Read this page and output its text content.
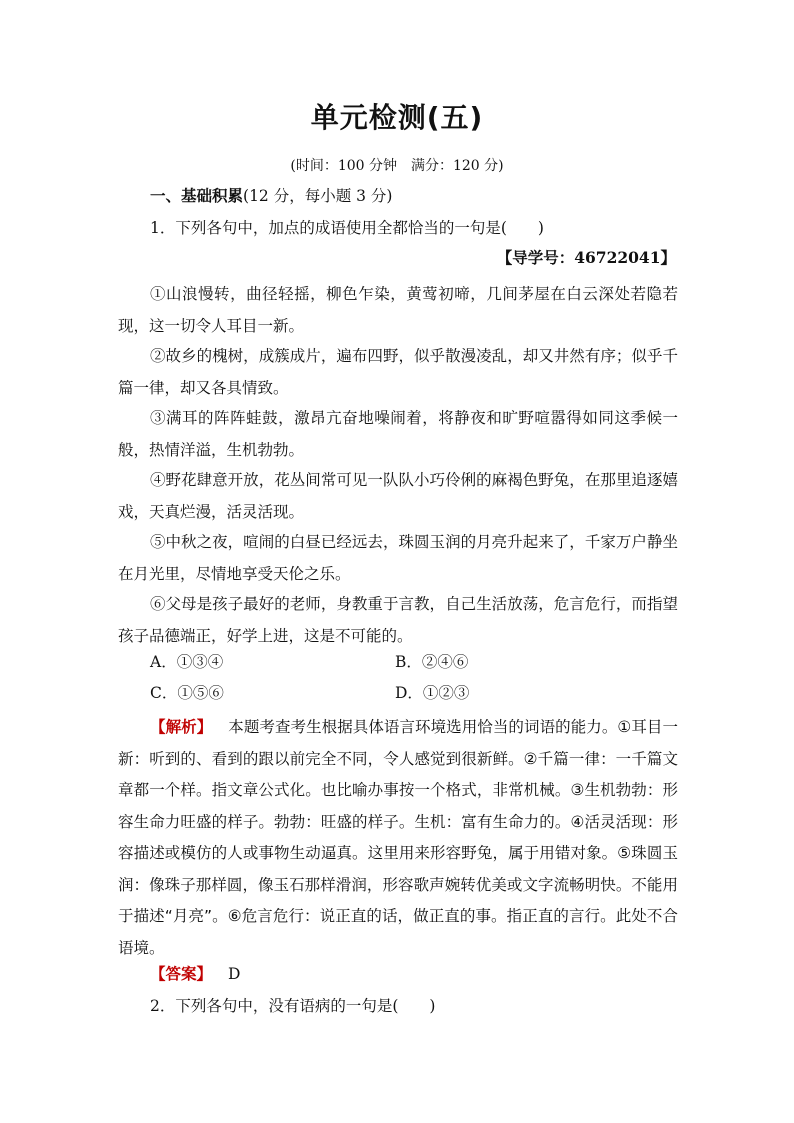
单元检测(五)
(时间：100 分钟　满分：120 分)
一、基础积累(12 分，每小题 3 分)
1．下列各句中，加点的成语使用全都恰当的一句是(　　)
【导学号：46722041】

①山浪慢转，曲径轻摇，柳色乍染，黄莺初啼，几间茅屋在白云深处若隐若现，这一切令人耳目一新。

②故乡的槐树，成簇成片，遍布四野，似乎散漫凌乱，却又井然有序；似乎千篇一律，却又各具情致。

③满耳的阵阵蛙鼓，激昂亢奋地噪闹着，将静夜和旷野喧嚣得如同这季候一般，热情洋溢，生机勃勃。

④野花肆意开放，花丛间常可见一队队小巧伶俐的麻褐色野兔，在那里追逐嬉戏，天真烂漫，活灵活现。

⑤中秋之夜，喧闹的白昼已经远去，珠圆玉润的月亮升起来了，千家万户静坐在月光里，尽情地享受天伦之乐。

⑥父母是孩子最好的老师，身教重于言教，自己生活放荡，危言危行，而指望孩子品德端正，好学上进，这是不可能的。

A．①③④	B．②④⑥
C．①⑤⑥	D．①②③

【解析】 本题考查考生根据具体语言环境选用恰当的词语的能力。①耳目一新：听到的、看到的跟以前完全不同，令人感觉到很新鲜。②千篇一律：一千篇文章都一个样。指文章公式化。也比喻办事按一个格式，非常机械。③生机勃勃：形容生命力旺盛的样子。勃勃：旺盛的样子。生机：富有生命力的。④活灵活现：形容描述或模仿的人或事物生动逼真。这里用来形容野兔，属于用错对象。⑤珠圆玉润：像珠子那样圆，像玉石那样滑润，形容歌声婉转优美或文字流畅明快。不能用于描述“月亮”。⑥危言危行：说正直的话，做正直的事。指正直的言行。此处不合语境。

【答案】 D
2．下列各句中，没有语病的一句是(　　)
